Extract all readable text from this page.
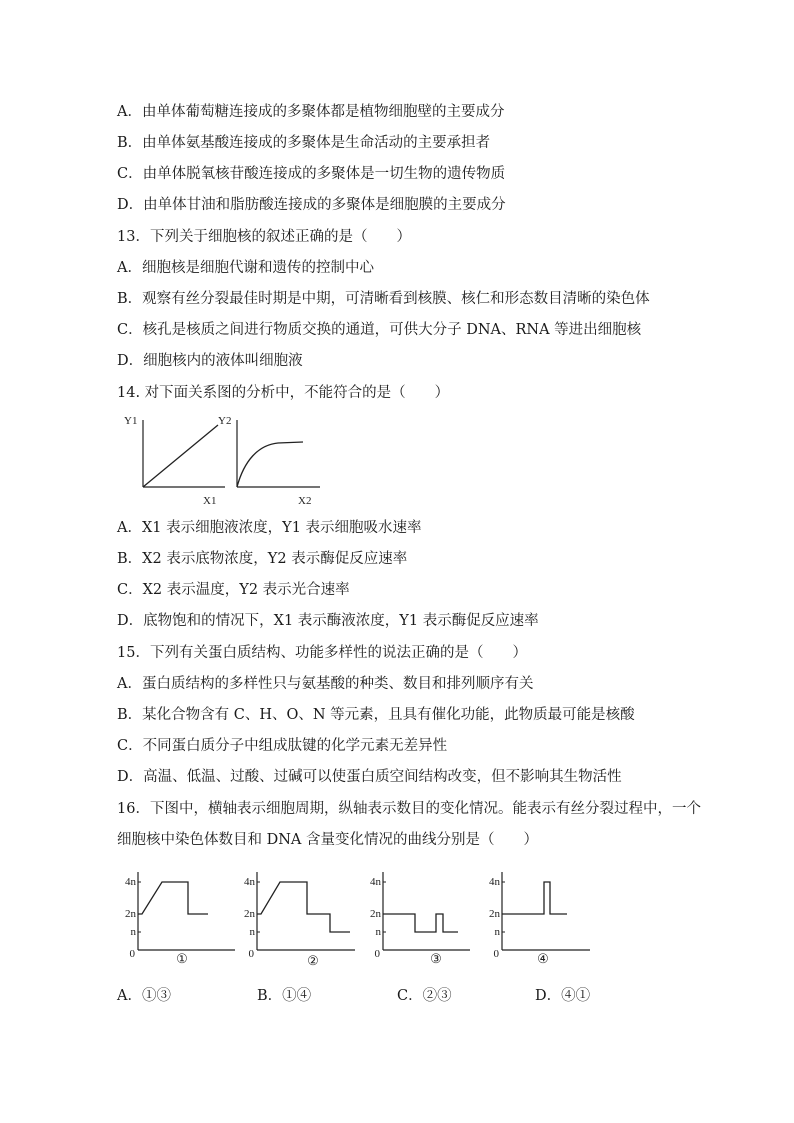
A．由单体葡萄糖连接成的多聚体都是植物细胞壁的主要成分
B．由单体氨基酸连接成的多聚体是生命活动的主要承担者
C．由单体脱氧核苷酸连接成的多聚体是一切生物的遗传物质
D．由单体甘油和脂肪酸连接成的多聚体是细胞膜的主要成分
13．下列关于细胞核的叙述正确的是（　　）
A．细胞核是细胞代谢和遗传的控制中心
B．观察有丝分裂最佳时期是中期，可清晰看到核膜、核仁和形态数目清晰的染色体
C．核孔是核质之间进行物质交换的通道，可供大分子 DNA、RNA 等进出细胞核
D．细胞核内的液体叫细胞液
14. 对下面关系图的分析中，不能符合的是（　　）
Y1
X1
Y2
X2
A．X1 表示细胞液浓度，Y1 表示细胞吸水速率
B．X2 表示底物浓度，Y2 表示酶促反应速率
C．X2 表示温度，Y2 表示光合速率
D．底物饱和的情况下，X1 表示酶液浓度，Y1 表示酶促反应速率
15．下列有关蛋白质结构、功能多样性的说法正确的是（　　）
A．蛋白质结构的多样性只与氨基酸的种类、数目和排列顺序有关
B．某化合物含有 C、H、O、N 等元素，且具有催化功能，此物质最可能是核酸
C．不同蛋白质分子中组成肽键的化学元素无差异性
D．高温、低温、过酸、过碱可以使蛋白质空间结构改变，但不影响其生物活性
16．下图中，横轴表示细胞周期，纵轴表示数目的变化情况。能表示有丝分裂过程中，一个
细胞核中染色体数目和 DNA 含量变化情况的曲线分别是（　　）
4n
2n
n
0	①
4n
2n
n
0	②
4n
2n
n
0	③
4n
2n
n
0	④
A．①③	B．①④	C．②③	D．④①
